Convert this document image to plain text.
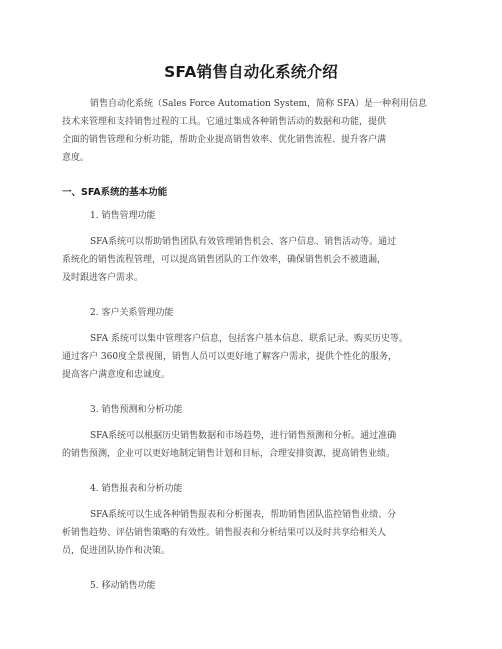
SFA销售自动化系统介绍
销售自动化系统（Sales Force Automation System，简称 SFA）是一种利用信息
技术来管理和支持销售过程的工具。它通过集成各种销售活动的数据和功能，提供
全面的销售管理和分析功能，帮助企业提高销售效率、优化销售流程、提升客户满
意度。
一、SFA系统的基本功能
1. 销售管理功能
SFA系统可以帮助销售团队有效管理销售机会、客户信息、销售活动等。通过
系统化的销售流程管理，可以提高销售团队的工作效率，确保销售机会不被遗漏，
及时跟进客户需求。
2. 客户关系管理功能
SFA 系统可以集中管理客户信息，包括客户基本信息、联系记录、购买历史等。
通过客户 360度全景视图，销售人员可以更好地了解客户需求，提供个性化的服务，
提高客户满意度和忠诚度。
3. 销售预测和分析功能
SFA系统可以根据历史销售数据和市场趋势，进行销售预测和分析。通过准确
的销售预测，企业可以更好地制定销售计划和目标，合理安排资源，提高销售业绩。
4. 销售报表和分析功能
SFA系统可以生成各种销售报表和分析图表，帮助销售团队监控销售业绩、分
析销售趋势、评估销售策略的有效性。销售报表和分析结果可以及时共享给相关人
员，促进团队协作和决策。
5. 移动销售功能
